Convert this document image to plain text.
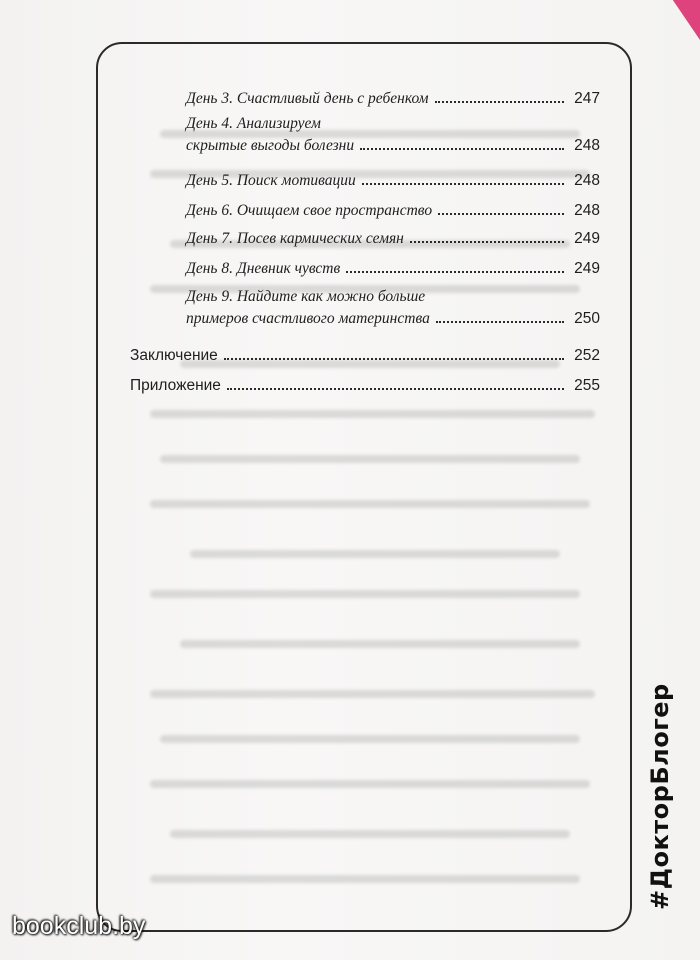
День 3. Счастливый день с ребенком	247
День 4. Анализируем
скрытые выгоды болезни	248
День 5. Поиск мотивации	248
День 6. Очищаем свое пространство	248
День 7. Посев кармических семян	249
День 8. Дневник чувств	249
День 9. Найдите как можно больше
примеров счастливого материнства	250
Заключение	252
Приложение	255
#ДокторБлогер
bookclub.by
